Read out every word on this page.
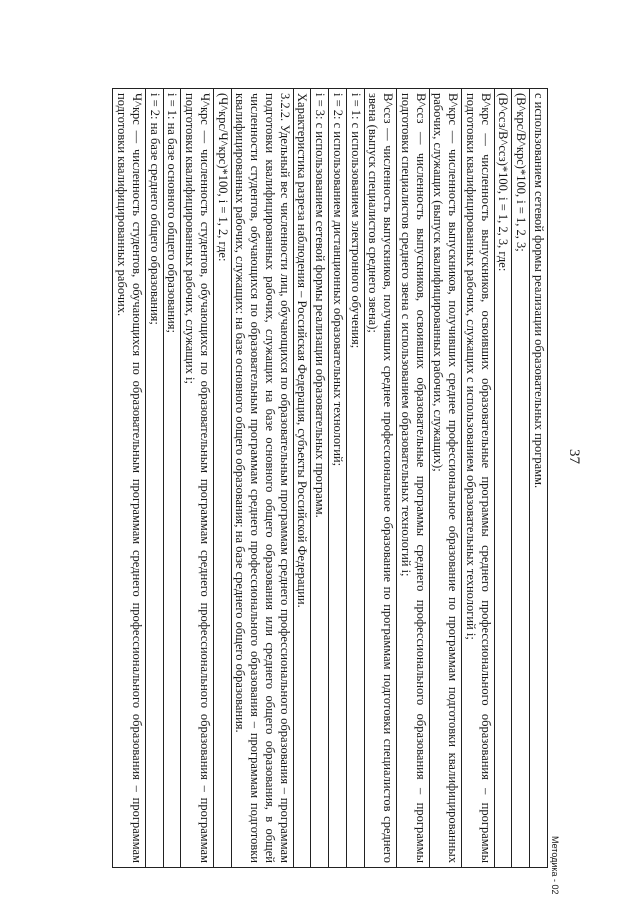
37
с использованием сетевой формы реализации образовательных программ.
(В^крс/В^крс)*100, i = 1, 2, 3;
(В^ссз/В^ссз)*100, i = 1, 2, 3, где:
В^крс — численность выпускников, освоивших образовательные программы среднего профессионального образования – программы подготовки квалифицированных рабочих, служащих с использованием образовательных технологий i;
В^крс — численность выпускников, получивших среднее профессиональное образование по программам подготовки квалифицированных рабочих, служащих (выпуск квалифицированных рабочих, служащих);
В^ссз — численность выпускников, освоивших образовательные программы среднего профессионального образования – программы подготовки специалистов среднего звена с использованием образовательных технологий i;
В^ссз — численность выпускников, получивших среднее профессиональное образование по программам подготовки специалистов среднего звена (выпуск специалистов среднего звена);
i = 1: с использованием электронного обучения;
i = 2: с использованием дистанционных образовательных технологий;
i = 3: с использованием сетевой формы реализации образовательных программ.
Характеристика разреза наблюдения – Российская Федерация, субъекты Российской Федерации.
3.2.2. Удельный вес численности лиц, обучающихся по образовательным программам среднего профессионального образования – программам подготовки квалифицированных рабочих, служащих на базе основного общего образования или среднего общего образования, в общей численности студентов, обучающихся по образовательным программам среднего профессионального образования – программам подготовки квалифицированных рабочих, служащих: на базе основного общего образования; на базе среднего общего образования.
(Ч^крс/Ч^крс)*100, i = 1, 2, где:
Ч^крс — численность студентов, обучающихся по образовательным программам среднего профессионального образования – программам подготовки квалифицированных рабочих, служащих i;
i = 1: на базе основного общего образования;
i = 2: на базе среднего общего образования;
Ч^крс — численность студентов, обучающихся по образовательным программам среднего профессионального образования – программам подготовки квалифицированных рабочих.
Методика - 02
